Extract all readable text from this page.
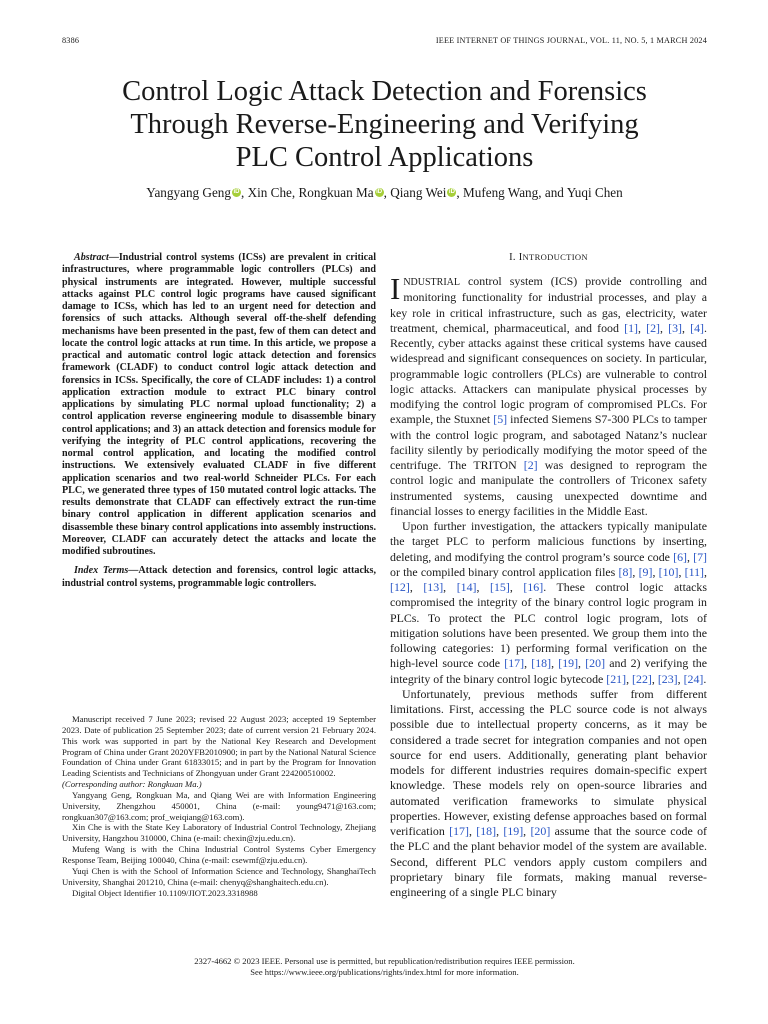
8386	IEEE INTERNET OF THINGS JOURNAL, VOL. 11, NO. 5, 1 MARCH 2024
Control Logic Attack Detection and Forensics
Through Reverse-Engineering and Verifying
PLC Control Applications
Yangyang Geng iD , Xin Che, Rongkuan Ma iD , Qiang Wei iD , Mufeng Wang, and Yuqi Chen

Abstract—Industrial control systems (ICSs) are prevalent in critical infrastructures, where programmable logic controllers (PLCs) and physical instruments are integrated. However, multiple successful attacks against PLC control logic programs have caused significant damage to ICSs, which has led to an urgent need for detection and forensics of such attacks. Although several off-the-shelf defending mechanisms have been presented in the past, few of them can detect and locate the control logic attacks at run time. In this article, we propose a practical and automatic control logic attack detection and forensics framework (CLADF) to conduct control logic attack detection and forensics in ICSs. Specifically, the core of CLADF includes: 1) a control application extraction module to extract PLC binary control applications by simulating PLC normal upload functionality; 2) a control application reverse engineering module to disassemble binary control applications; and 3) an attack detection and forensics module for verifying the integrity of PLC control applications, recovering the normal control application, and locating the modified control instructions. We extensively evaluated CLADF in five different application scenarios and two real-world Schneider PLCs. For each PLC, we generated three types of 150 mutated control logic attacks. The results demonstrate that CLADF can effectively extract the run-time binary control application in different application scenarios and disassemble these binary control applications into assembly instructions. Moreover, CLADF can accurately detect the attacks and locate the modified subroutines.

Index Terms—Attack detection and forensics, control logic attacks, industrial control systems, programmable logic controllers.

Manuscript received 7 June 2023; revised 22 August 2023; accepted 19 September 2023. Date of publication 25 September 2023; date of current version 21 February 2024. This work was supported in part by the National Key Research and Development Program of China under Grant 2020YFB2010900; in part by the National Natural Science Foundation of China under Grant 61833015; and in part by the Program for Innovation Leading Scientists and Technicians of Zhongyuan under Grant 224200510002.

(Corresponding author: Rongkuan Ma.)

Yangyang Geng, Rongkuan Ma, and Qiang Wei are with Information Engineering University, Zhengzhou 450001, China (e-mail: young9471@163.com; rongkuan307@163.com; prof_weiqiang@163.com).

Xin Che is with the State Key Laboratory of Industrial Control Technology, Zhejiang University, Hangzhou 310000, China (e-mail: chexin@zju.edu.cn).

Mufeng Wang is with the China Industrial Control Systems Cyber Emergency Response Team, Beijing 100040, China (e-mail: csewmf@zju.edu.cn).

Yuqi Chen is with the School of Information Science and Technology, ShanghaiTech University, Shanghai 201210, China (e-mail: chenyq@shanghaitech.edu.cn).

Digital Object Identifier 10.1109/JIOT.2023.3318988

I. INTRODUCTION

INDUSTRIAL control system (ICS) provide controlling and monitoring functionality for industrial processes, and play a key role in critical infrastructure, such as gas, electricity, water treatment, chemical, pharmaceutical, and food [1], [2], [3], [4]. Recently, cyber attacks against these critical systems have caused widespread and significant consequences on society. In particular, programmable logic controllers (PLCs) are vulnerable to control logic attacks. Attackers can manipulate physical processes by modifying the control logic program of compromised PLCs. For example, the Stuxnet [5] infected Siemens S7-300 PLCs to tamper with the control logic program, and sabotaged Natanz’s nuclear facility silently by periodically modifying the motor speed of the centrifuge. The TRITON [2] was designed to reprogram the control logic and manipulate the controllers of Triconex safety instrumented systems, causing unexpected downtime and financial losses to energy facilities in the Middle East.

Upon further investigation, the attackers typically manipulate the target PLC to perform malicious functions by inserting, deleting, and modifying the control program’s source code [6], [7] or the compiled binary control application files [8], [9], [10], [11], [12], [13], [14], [15], [16]. These control logic attacks compromised the integrity of the binary control logic program in PLCs. To protect the PLC control logic program, lots of mitigation solutions have been presented. We group them into the following categories: 1) performing formal verification on the high-level source code [17], [18], [19], [20] and 2) verifying the integrity of the binary control logic bytecode [21], [22], [23], [24].

Unfortunately, previous methods suffer from different limitations. First, accessing the PLC source code is not always possible due to intellectual property concerns, as it may be considered a trade secret for integration companies and not open source for end users. Additionally, generating plant behavior models for different industries requires domain-specific expert knowledge. These models rely on open-source libraries and automated verification frameworks to simulate physical properties. However, existing defense approaches based on formal verification [17], [18], [19], [20] assume that the source code of the PLC and the plant behavior model of the system are available. Second, different PLC vendors apply custom compilers and proprietary binary file formats, making manual reverse-engineering of a single PLC binary

2327-4662 © 2023 IEEE. Personal use is permitted, but republication/redistribution requires IEEE permission.
See https://www.ieee.org/publications/rights/index.html for more information.
